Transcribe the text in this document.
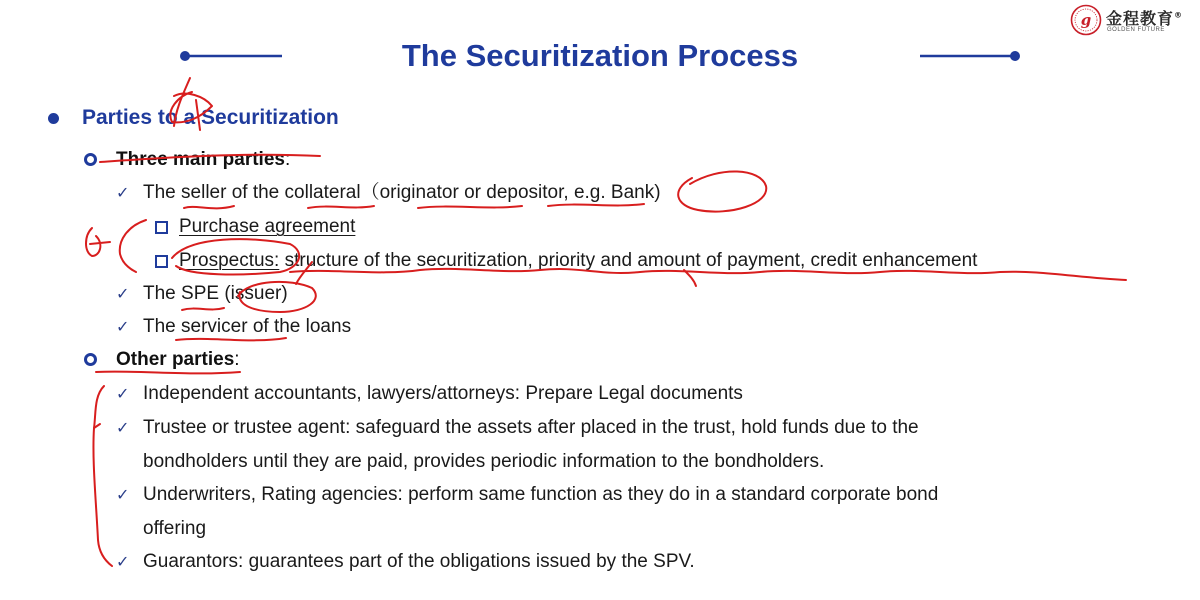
g 金程教育®
GOLDEN FUTURE
The Securitization Process
Parties to a Securitization
Three main parties:
✓ The seller of the collateral（originator or depositor, e.g. Bank)
Purchase agreement
Prospectus: structure of the securitization, priority and amount of payment, credit enhancement
✓ The SPE (issuer)
✓ The servicer of the loans
Other parties:
✓ Independent accountants, lawyers/attorneys: Prepare Legal documents
✓ Trustee or trustee agent: safeguard the assets after placed in the trust, hold funds due to the
bondholders until they are paid, provides periodic information to the bondholders.
✓ Underwriters, Rating agencies: perform same function as they do in a standard corporate bond
offering
✓ Guarantors: guarantees part of the obligations issued by the SPV.
